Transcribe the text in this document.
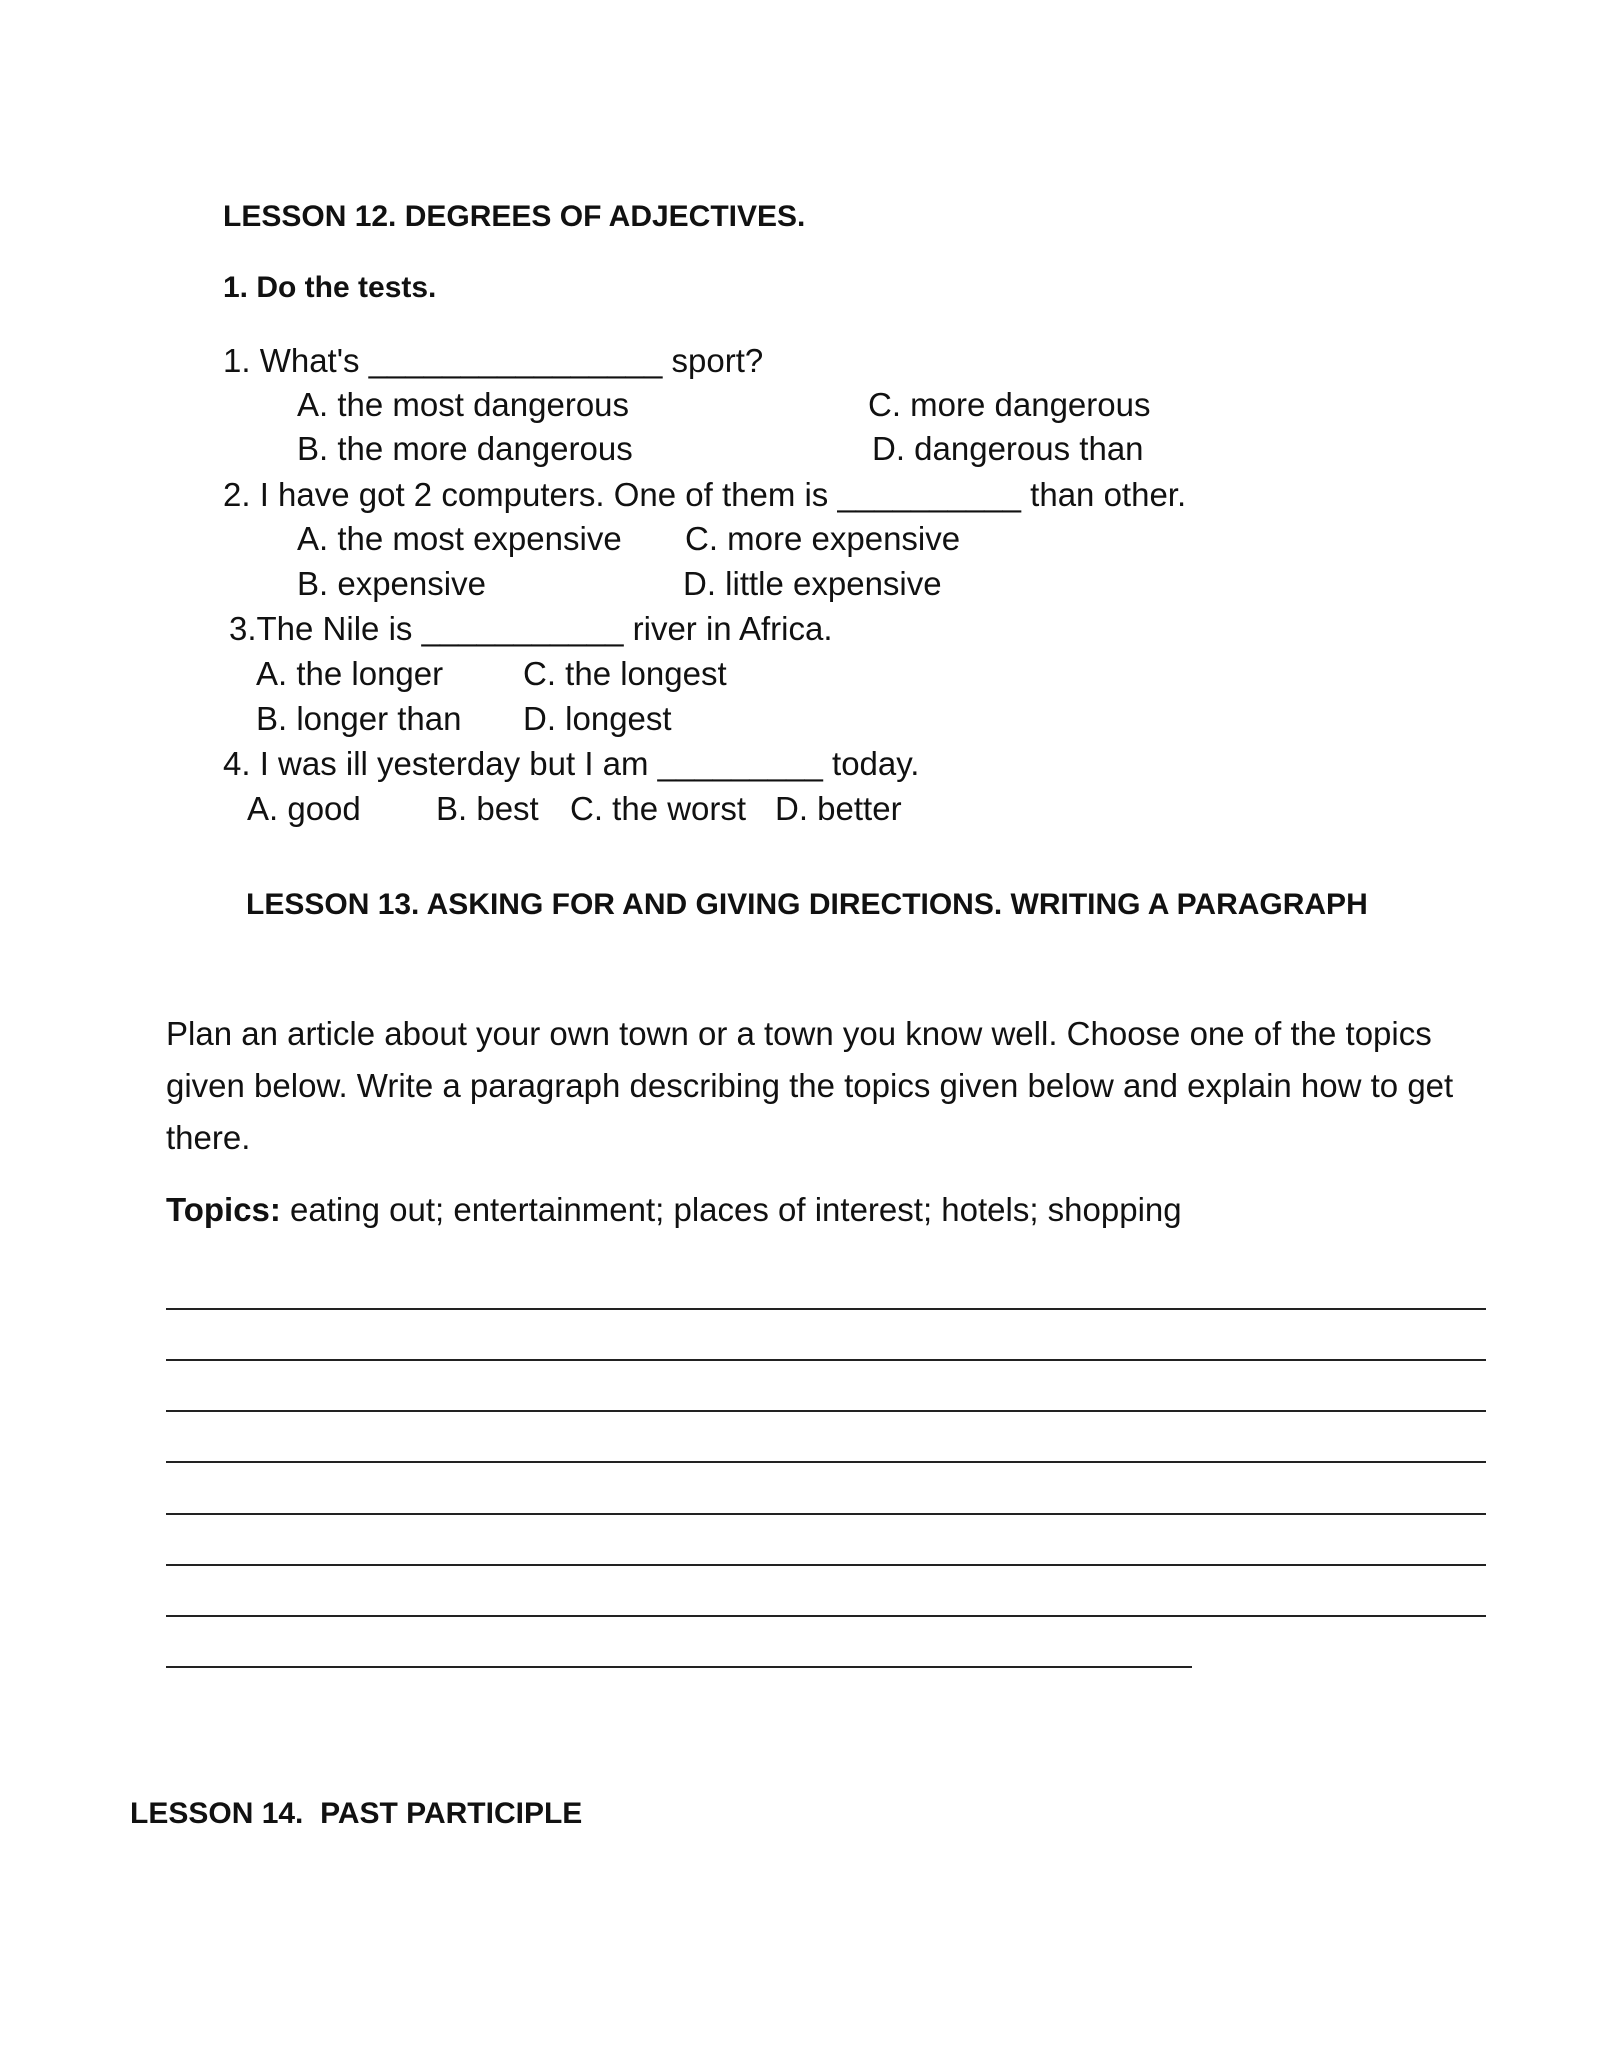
LESSON 12. DEGREES OF ADJECTIVES.
1. Do the tests.
1. What's ________________ sport?
A. the most dangerous	C. more dangerous
B. the more dangerous	D. dangerous than
2. I have got 2 computers. One of them is __________ than other.
A. the most expensive C. more expensive
B. expensive	D. little expensive
3.The Nile is ___________ river in Africa.
A. the longer C. the longest
B. longer than D. longest
4. I was ill yesterday but I am _________ today.
A. good B. best C. the worst D. better
LESSON 13. ASKING FOR AND GIVING DIRECTIONS. WRITING A PARAGRAPH
Plan an article about your own town or a town you know well. Choose one of the topics given below. Write a paragraph describing the topics given below and explain how to get there.
Topics: eating out; entertainment; places of interest; hotels; shopping
LESSON 14.  PAST PARTICIPLE
